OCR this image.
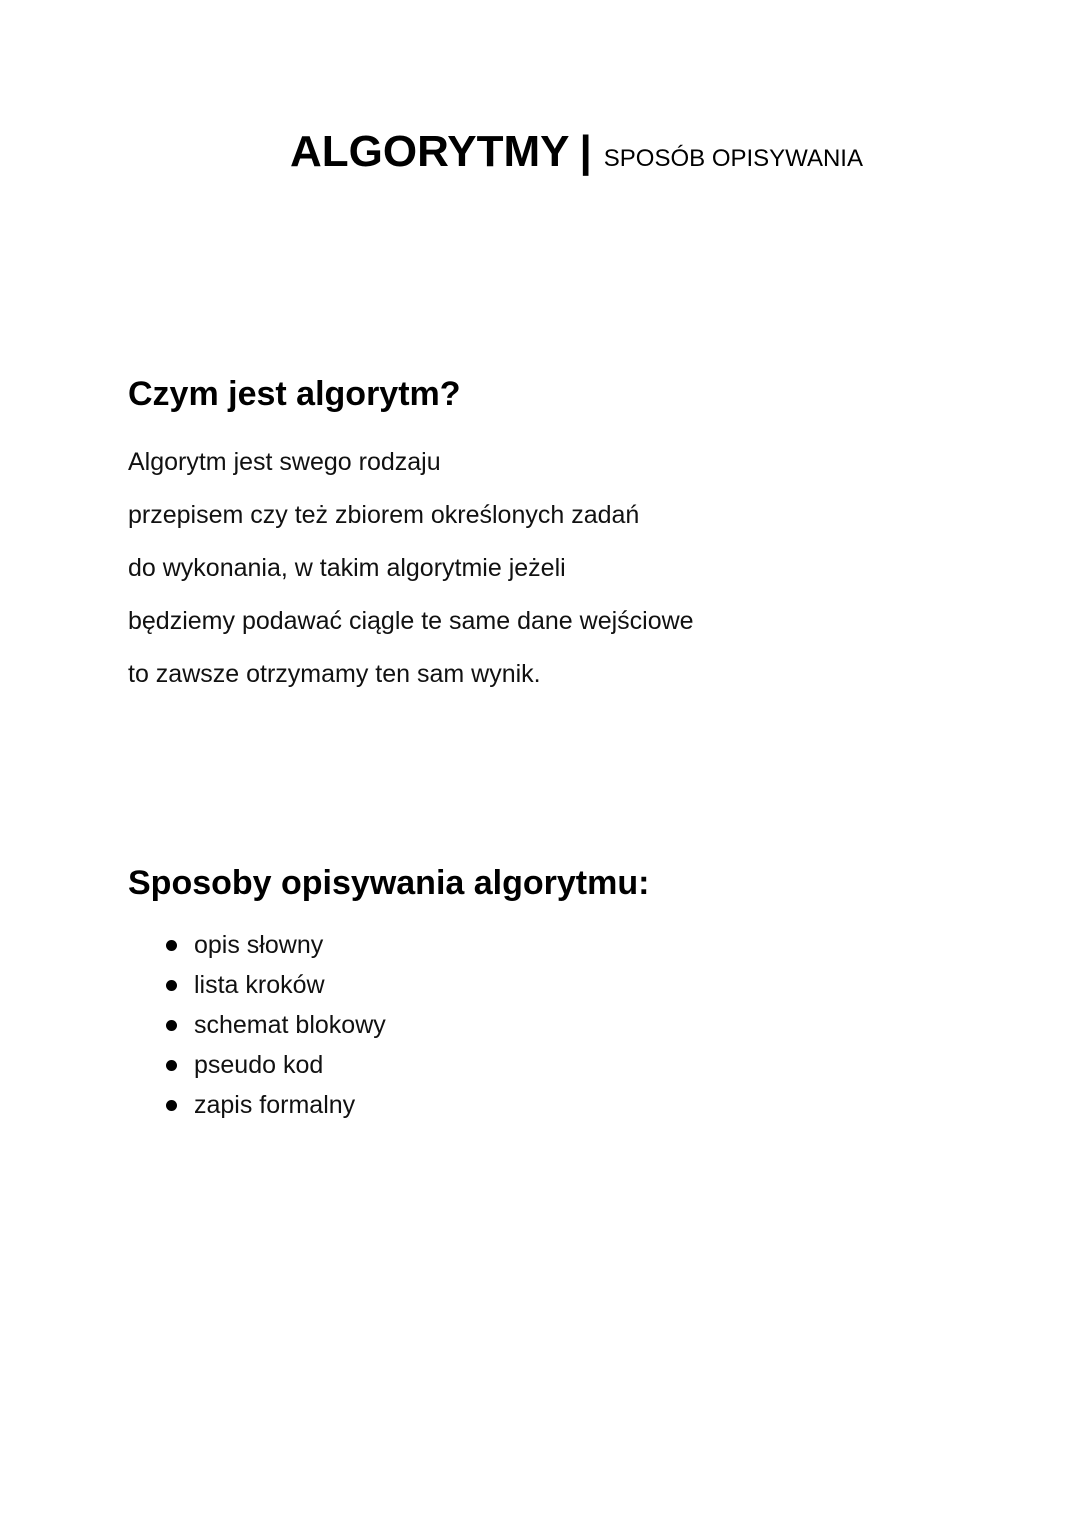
ALGORYTMY | SPOSÓB OPISYWANIA
Czym jest algorytm?

Algorytm jest swego rodzaju
przepisem czy też zbiorem określonych zadań
do wykonania, w takim algorytmie jeżeli
będziemy podawać ciągle te same dane wejściowe
to zawsze otrzymamy ten sam wynik.

Sposoby opisywania algorytmu:
opis słowny
lista kroków
schemat blokowy
pseudo kod
zapis formalny
